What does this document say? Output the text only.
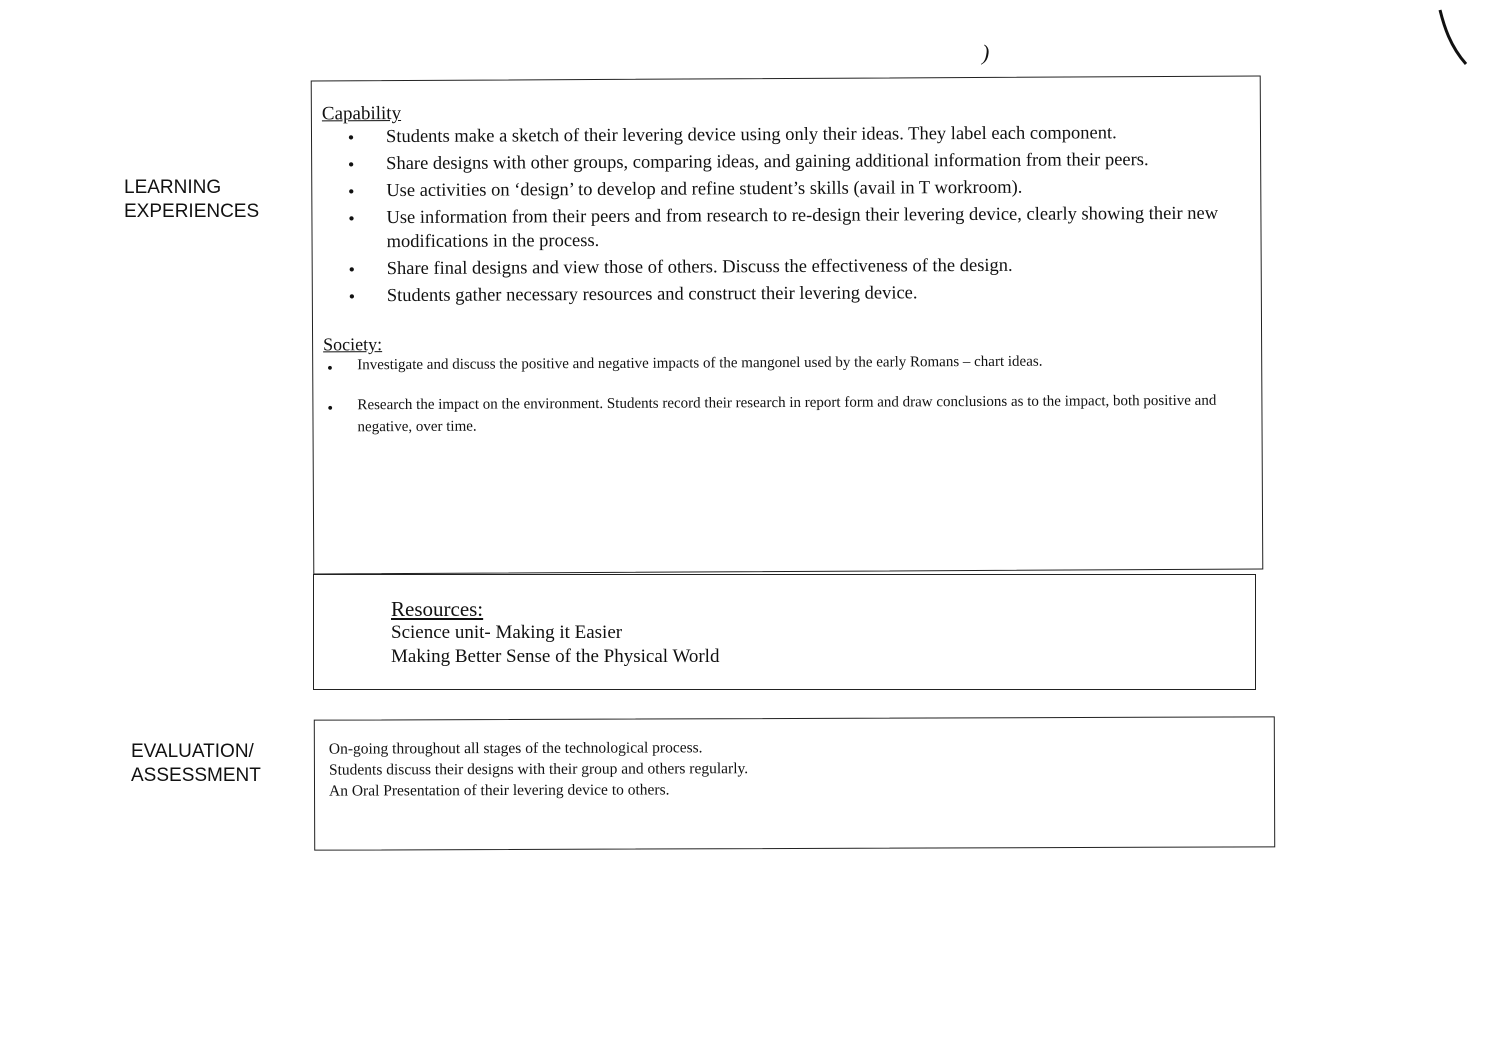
)
LEARNING
EXPERIENCES
Capability
● Students make a sketch of their levering device using only their ideas. They label each component.
● Share designs with other groups, comparing ideas, and gaining additional information from their peers.
● Use activities on ‘design’ to develop and refine student’s skills (avail in T workroom).
● Use information from their peers and from research to re-design their levering device, clearly showing their new modifications in the process.
● Share final designs and view those of others. Discuss the effectiveness of the design.
● Students gather necessary resources and construct their levering device.
Society:
● Investigate and discuss the positive and negative impacts of the mangonel used by the early Romans – chart ideas.
● Research the impact on the environment. Students record their research in report form and draw conclusions as to the impact, both positive and negative, over time.
Resources:
Science unit- Making it Easier
Making Better Sense of the Physical World
EVALUATION/
ASSESSMENT
On-going throughout all stages of the technological process.
Students discuss their designs with their group and others regularly.
An Oral Presentation of their levering device to others.
